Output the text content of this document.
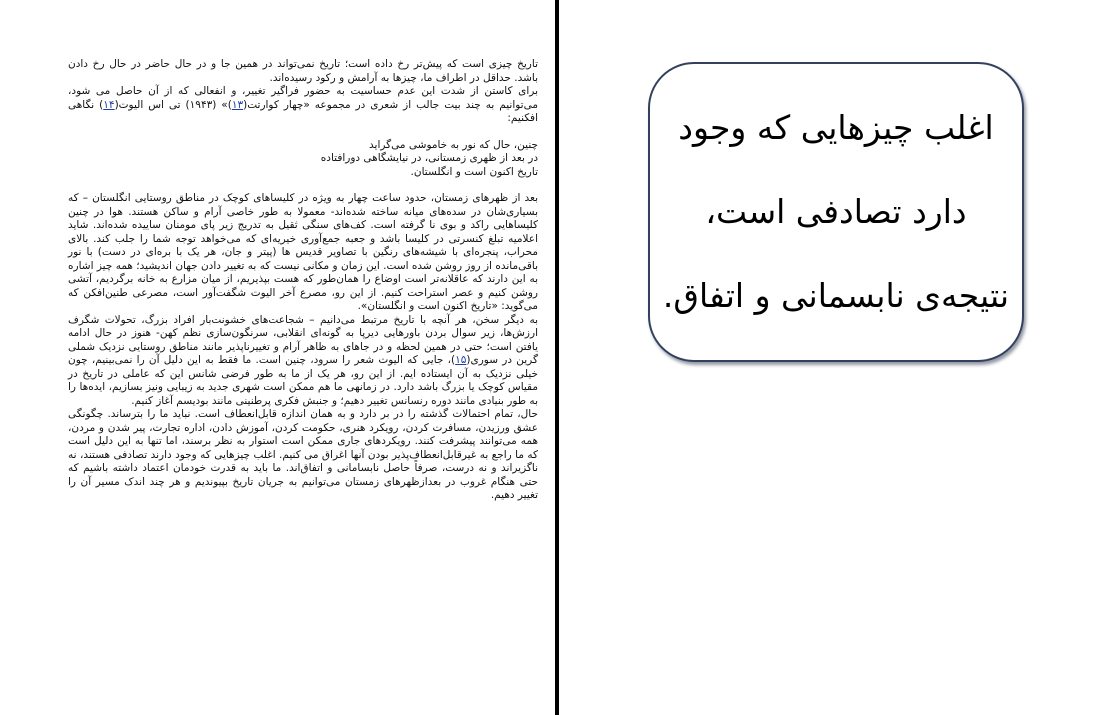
تاریخ چیزی است که پیش‌تر رخ داده است؛ تاریخ نمی‌تواند در همین جا و در حال حاضر در حال رخ دادن باشد. حداقل در اطراف ما، چیزها به آرامش و رکود رسیده‌اند.

برای کاستن از شدت این عدم حساسیت به حضور فراگیر تغییر، و انفعالی که از آن حاصل می شود، می‌توانیم به چند بیت جالب از شعری در مجموعه «چهار کوارتت(۱۳)» (۱۹۴۳) تی اس الیوت(۱۴) نگاهی افکنیم:

چنین، حال که نور به خاموشی می‌گراید

در بعد از ظهری زمستانی، در نیایشگاهی دورافتاده

تاریخ اکنون است و انگلستان.

بعد از ظهرهای زمستان، حدود ساعت چهار به ویژه در کلیساهای کوچک در مناطق روستایی انگلستان – که بسیاری‌شان در سده‌های میانه ساخته شده‌اند- معمولا به طور خاصی آرام و ساکن هستند. هوا در چنین کلیساهایی راکد و بوی نا گرفته است. کف‌های سنگی ثقیل به تدریج زیر پای مومنان ساییده شده‌اند. شاید اعلامیه تبلغ کنسرتی در کلیسا باشد و جعبه جمع‌آوری خیریه‌ای که می‌خواهد توجه شما را جلب کند. بالای محراب، پنجره‌ای با شیشه‌های رنگین با تصاویر قدیس ها (پیتر و جان، هر یک با بره‌ای در دست) با نور باقی‌مانده از روز روشن شده است. این زمان و مکانی نیست که به تغییر دادن جهان اندیشید؛ همه چیز اشاره به این دارند که عاقلانه‌تر است اوضاع را همان‌طور که هست بپذیریم، از میان مزارع به خانه برگردیم، آتشی روشن کنیم و عصر استراحت کنیم. از این رو، مصرع آخر الیوت شگفت‌آور است، مصرعی طنین‌افکن که می‌گوید: «تاریخ اکنون است و انگلستان».

به دیگر سخن، هر آنچه با تاریخ مرتبط می‌دانیم – شجاعت‌های خشونت‌بار افراد بزرگ، تحولات شگرف ارزش‌ها، زیر سوال بردن باورهایی دیرپا به گونه‌ای انقلابی، سرنگون‌سازی نظم کهن- هنوز در حال ادامه یافتن است؛ حتی در همین لحظه و در جاهای به ظاهر آرام و تغییرناپذیر مانند مناطق روستایی نزدیک شملی گرین در سوری(۱۵)، جایی که الیوت شعر را سرود، چنین است. ما فقط به این دلیل آن را نمی‌بینیم، چون خیلی نزدیک به آن ایستاده ایم. از این رو، هر یک از ما به طور فرضی شانس این که عاملی در تاریخ در مقیاس کوچک یا بزرگ باشد دارد. در زمانهی ما هم ممکن است شهری جدید به زیبایی ونیز بسازیم، ایده‌ها را به طور بنیادی مانند دوره رنسانس تغییر دهیم؛ و جنبش فکری پرطنینی مانند بودیسم آغاز کنیم.

حال، تمام احتمالات گذشته را در بر دارد و به همان اندازه قابل‌انعطاف است. نباید ما را بترساند. چگونگی عشق ورزیدن، مسافرت کردن، رویکرد هنری، حکومت کردن، آموزش دادن، اداره تجارت، پیر شدن و مردن، همه می‌توانند پیشرفت کنند. رویکردهای جاری ممکن است استوار به نظر برسند، اما تنها به این دلیل است که ما راجع به غیرقابل‌انعطاف‌پذیر بودن آنها اغراق می کنیم. اغلب چیزهایی که وجود دارند تصادفی هستند، نه ناگزیراند و نه درست، صرفاً حاصل نابسامانی و اتفاق‌اند. ما باید به قدرت خودمان اعتماد داشته باشیم که حتی هنگام غروب در بعدازظهرهای زمستان می‌توانیم به جریان تاریخ بپیوندیم و هر چند اندک مسیر آن را تغییر دهیم.

اغلب چیزهایی که وجود
دارد تصادفی است،
نتیجه‌ی نابسمانی و اتفاق.
